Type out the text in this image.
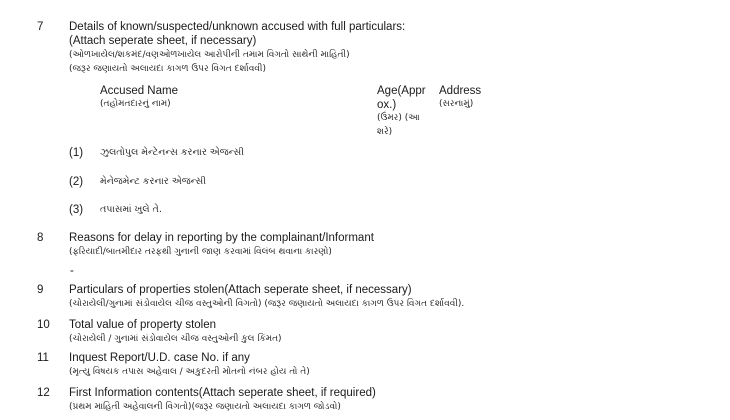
7 Details of known/suspected/unknown accused with full particulars:
(Attach seperate sheet, if necessary)
(ઓળખાયેલ/શકમંદ/વણઓળખાયેલ આરોપીની તમામ વિગતો સાથેની માહિતી)
(જરૂર જણાયતો અલાયદા કાગળ ઉપર વિગત દર્શાવવી)
Accused Name
(તહોમતદારનું નામ)
Age(Appr
ox.)
(ઉંમર) (આ
શરે)
Address
(સરનામું)
(1) ઝુલતોપુલ મેન્ટેનન્સ કરનાર એજન્સી
(2) મેનેજમેન્ટ કરનાર એજન્સી
(3) તપાસમાં ખુલે તે.
8 Reasons for delay in reporting by the complainant/Informant
(ફરિયાદી/બાતમીદાર તરફથી ગુનાની જાણ કરવામાં વિલંબ થવાના કારણો)
-
9 Particulars of properties stolen(Attach seperate sheet, if necessary)
(ચોરાયેલી/ગુનામાં સંડોવાયેલ ચીજ વસ્તુઓની વિગતો) (જરૂર જણાયતો અલાયદા કાગળ ઉપર વિગત દર્શાવવી).
10 Total value of property stolen
(ચોરાયેલી / ગુનામાં સંડોવાયેલ ચીજ વસ્તુઓની કુલ કિંમત)
11 Inquest Report/U.D. case No. if any
(મૃત્યુ વિષયક તપાસ અહેવાલ / અકુદરતી મોતનો નંબર હોય તો તે)
12 First Information contents(Attach seperate sheet, if required)
(પ્રથમ માહિતી અહેવાલની વિગતો)(જરૂર જણાયતો અલાયદા કાગળ જોડવો)
